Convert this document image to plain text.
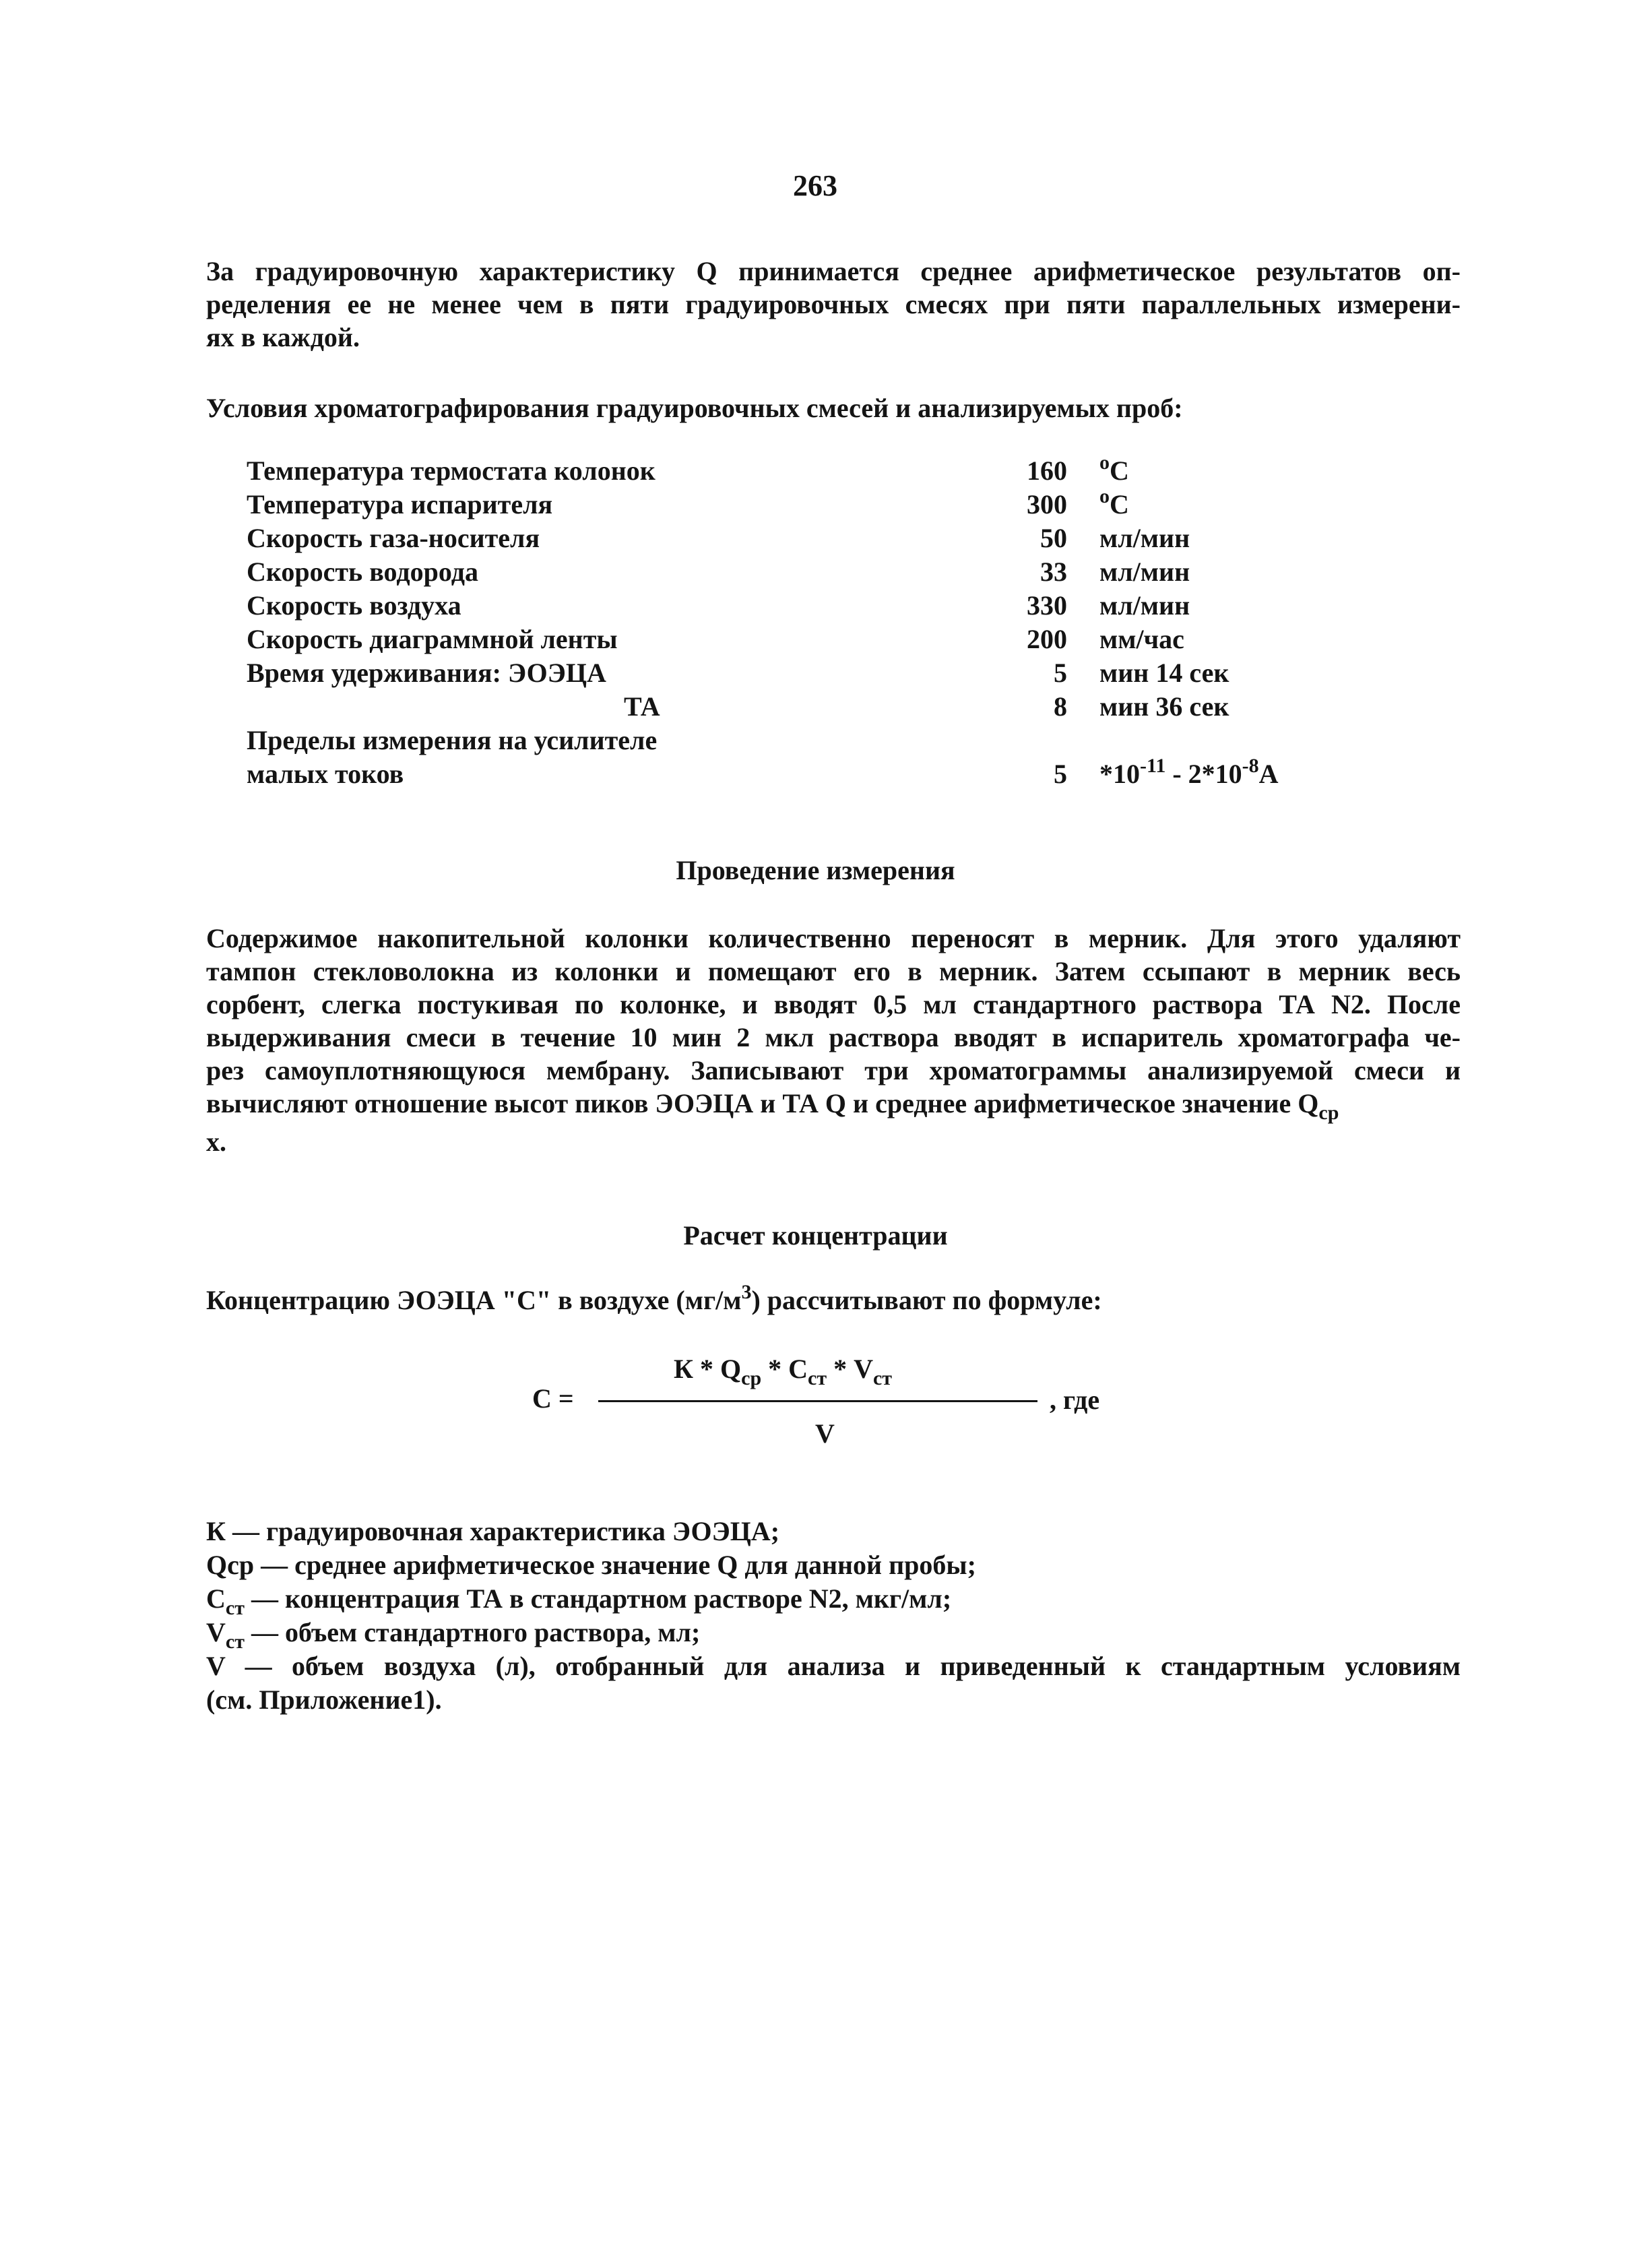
263
За градуировочную характеристику Q принимается среднее арифметическое результатов оп-
ределения ее не менее чем в пяти градуировочных смесях при пяти параллельных измерени-
ях в каждой.
Условия хроматографирования градуировочных смесей и анализируемых проб:
Температура термостата колонок	160 $^о$С
Температура испарителя	300 $^о$С
Скорость газа-носителя	50 мл/мин
Скорость водорода	33 мл/мин
Скорость воздуха	330 мл/мин
Скорость диаграммной ленты	200 мм/час
Время удерживания: ЭОЭЦА	5 мин 14 сек
ТА	8 мин 36 сек
Пределы измерения на усилителе
малых токов	5 $*10^{-11} - 2*10^{-8}А$
Проведение измерения
Содержимое накопительной колонки количественно переносят в мерник. Для этого удаляют
тампон стекловолокна из колонки и помещают его в мерник. Затем ссыпают в мерник весь
сорбент, слегка постукивая по колонке, и вводят 0,5 мл стандартного раствора ТА N2. После
выдерживания смеси в течение 10 мин 2 мкл раствора вводят в испаритель хроматографа че-
рез самоуплотняющуюся мембрану. Записывают три хроматограммы анализируемой смеси и
вычисляют отношение высот пиков ЭОЭЦА и ТА Q и среднее арифметическое значение $Q_{ср}$
х.
Расчет концентрации
Концентрацию ЭОЭЦА "С" в воздухе $(мг/м^3)$ рассчитывают по формуле:
С =
К * $Q_{ср} * С_{ст} * V_{ст}$
V
, где
К — градуировочная характеристика ЭОЭЦА;
Qср — среднее арифметическое значение Q для данной пробы;
$С_{ст}$ — концентрация ТА в стандартном растворе N2, мкг/мл;
$V_{ст}$ — объем стандартного раствора, мл;
V — объем воздуха (л), отобранный для анализа и приведенный к стандартным условиям
(см. Приложение1).
